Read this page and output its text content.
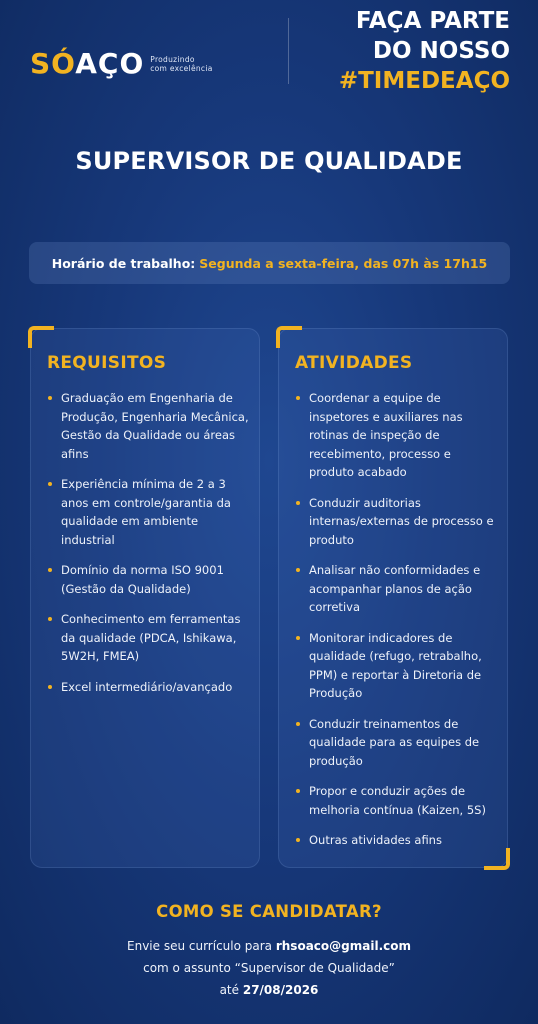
SÓAÇO Produzindo
com excelência
FAÇA PARTE
DO NOSSO
#TIMEDEAÇO
SUPERVISOR DE QUALIDADE
Horário de trabalho: Segunda a sexta-feira, das 07h às 17h15
REQUISITOS
Graduação em Engenharia de Produção, Engenharia Mecânica, Gestão da Qualidade ou áreas afins
Experiência mínima de 2 a 3 anos em controle/garantia da qualidade em ambiente industrial
Domínio da norma ISO 9001 (Gestão da Qualidade)
Conhecimento em ferramentas da qualidade (PDCA, Ishikawa, 5W2H, FMEA)
Excel intermediário/avançado
ATIVIDADES
Coordenar a equipe de inspetores e auxiliares nas rotinas de inspeção de recebimento, processo e produto acabado
Conduzir auditorias internas/externas de processo e produto
Analisar não conformidades e acompanhar planos de ação corretiva
Monitorar indicadores de qualidade (refugo, retrabalho, PPM) e reportar à Diretoria de Produção
Conduzir treinamentos de qualidade para as equipes de produção
Propor e conduzir ações de melhoria contínua (Kaizen, 5S)
Outras atividades afins
COMO SE CANDIDATAR?
Envie seu currículo para rhsoaco@gmail.com
com o assunto “Supervisor de Qualidade”
até 27/08/2026
